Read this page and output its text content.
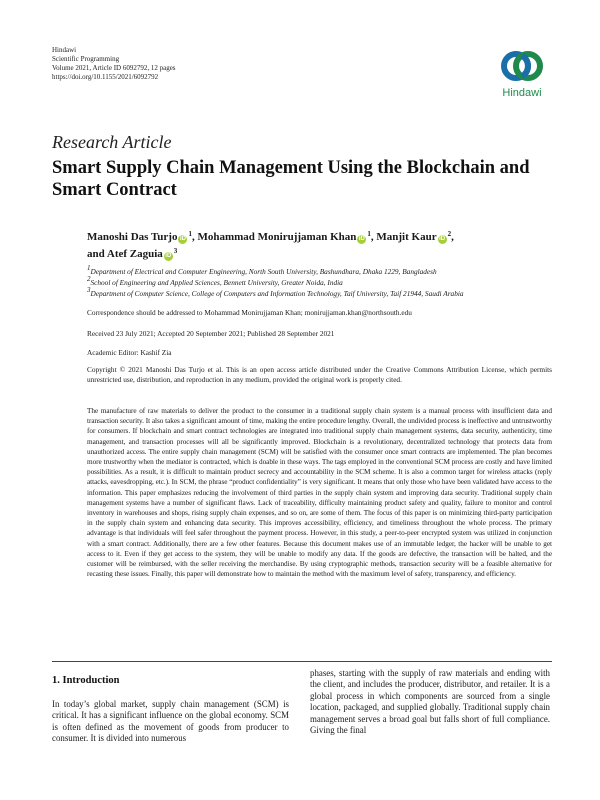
Hindawi
Scientific Programming
Volume 2021, Article ID 6092792, 12 pages
https://doi.org/10.1155/2021/6092792
Hindawi
Research Article
Smart Supply Chain Management Using the Blockchain and Smart Contract
Manoshi Das Turjo $iD^1$, Mohammad Monirujjaman Khan $iD^1$, Manjit Kaur $iD^2$,
and Atef Zaguia $iD^3$
$^1$Department of Electrical and Computer Engineering, North South University, Bashundhara, Dhaka 1229, Bangladesh
$^2$School of Engineering and Applied Sciences, Bennett University, Greater Noida, India
$^3$Department of Computer Science, College of Computers and Information Technology, Taif University, Taif 21944, Saudi Arabia
Correspondence should be addressed to Mohammad Monirujjaman Khan; monirujjaman.khan@northsouth.edu
Received 23 July 2021; Accepted 20 September 2021; Published 28 September 2021
Academic Editor: Kashif Zia
Copyright © 2021 Manoshi Das Turjo et al. This is an open access article distributed under the Creative Commons Attribution License, which permits unrestricted use, distribution, and reproduction in any medium, provided the original work is properly cited.
The manufacture of raw materials to deliver the product to the consumer in a traditional supply chain system is a manual process with insufficient data and transaction security. It also takes a significant amount of time, making the entire procedure lengthy. Overall, the undivided process is ineffective and untrustworthy for consumers. If blockchain and smart contract technologies are integrated into traditional supply chain management systems, data security, authenticity, time management, and transaction processes will all be significantly improved. Blockchain is a revolutionary, decentralized technology that protects data from unauthorized access. The entire supply chain management (SCM) will be satisfied with the consumer once smart contracts are implemented. The plan becomes more trustworthy when the mediator is contracted, which is doable in these ways. The tags employed in the conventional SCM process are costly and have limited possibilities. As a result, it is difficult to maintain product secrecy and accountability in the SCM scheme. It is also a common target for wireless attacks (reply attacks, eavesdropping, etc.). In SCM, the phrase “product confidentiality” is very significant. It means that only those who have been validated have access to the information. This paper emphasizes reducing the involvement of third parties in the supply chain system and improving data security. Traditional supply chain management systems have a number of significant flaws. Lack of traceability, difficulty maintaining product safety and quality, failure to monitor and control inventory in warehouses and shops, rising supply chain expenses, and so on, are some of them. The focus of this paper is on minimizing third-party participation in the supply chain system and enhancing data security. This improves accessibility, efficiency, and timeliness throughout the whole process. The primary advantage is that individuals will feel safer throughout the payment process. However, in this study, a peer-to-peer encrypted system was utilized in conjunction with a smart contract. Additionally, there are a few other features. Because this document makes use of an immutable ledger, the hacker will be unable to get access to it. Even if they get access to the system, they will be unable to modify any data. If the goods are defective, the transaction will be halted, and the customer will be reimbursed, with the seller receiving the merchandise. By using cryptographic methods, transaction security will be a feasible alternative for recasting these issues. Finally, this paper will demonstrate how to maintain the method with the maximum level of safety, transparency, and efficiency.
1. Introduction
In today’s global market, supply chain management (SCM) is critical. It has a significant influence on the global economy. SCM is often defined as the movement of goods from producer to consumer. It is divided into numerous
phases, starting with the supply of raw materials and ending with the client, and includes the producer, distributor, and retailer. It is a global process in which components are sourced from a single location, packaged, and supplied globally. Traditional supply chain management serves a broad goal but falls short of full compliance. Giving the final
